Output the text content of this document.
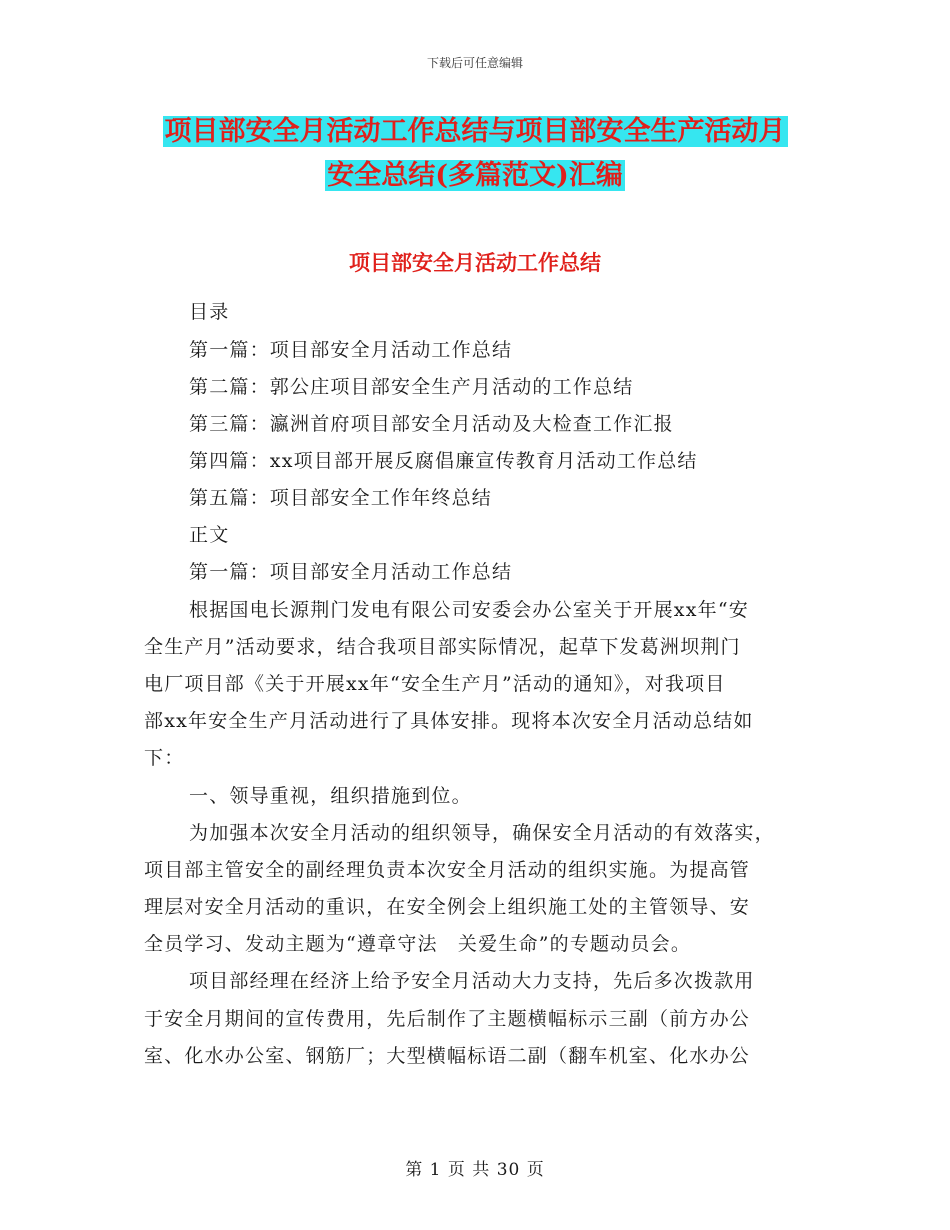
下载后可任意编辑
项目部安全月活动工作总结与项目部安全生产活动月
安全总结(多篇范文)汇编
项目部安全月活动工作总结
目录
第一篇：项目部安全月活动工作总结
第二篇：郭公庄项目部安全生产月活动的工作总结
第三篇：瀛洲首府项目部安全月活动及大检查工作汇报
第四篇：xx项目部开展反腐倡廉宣传教育月活动工作总结
第五篇：项目部安全工作年终总结
正文
第一篇：项目部安全月活动工作总结
根据国电长源荆门发电有限公司安委会办公室关于开展xx年“安
全生产月”活动要求，结合我项目部实际情况，起草下发葛洲坝荆门
电厂项目部《关于开展xx年“安全生产月”活动的通知》，对我项目
部xx年安全生产月活动进行了具体安排。现将本次安全月活动总结如
下：
一、领导重视，组织措施到位。
为加强本次安全月活动的组织领导，确保安全月活动的有效落实，
项目部主管安全的副经理负责本次安全月活动的组织实施。为提高管
理层对安全月活动的重识，在安全例会上组织施工处的主管领导、安
全员学习、发动主题为“遵章守法　关爱生命”的专题动员会。
项目部经理在经济上给予安全月活动大力支持，先后多次拨款用
于安全月期间的宣传费用，先后制作了主题横幅标示三副（前方办公
室、化水办公室、钢筋厂；大型横幅标语二副（翻车机室、化水办公
第 1 页 共 30 页
